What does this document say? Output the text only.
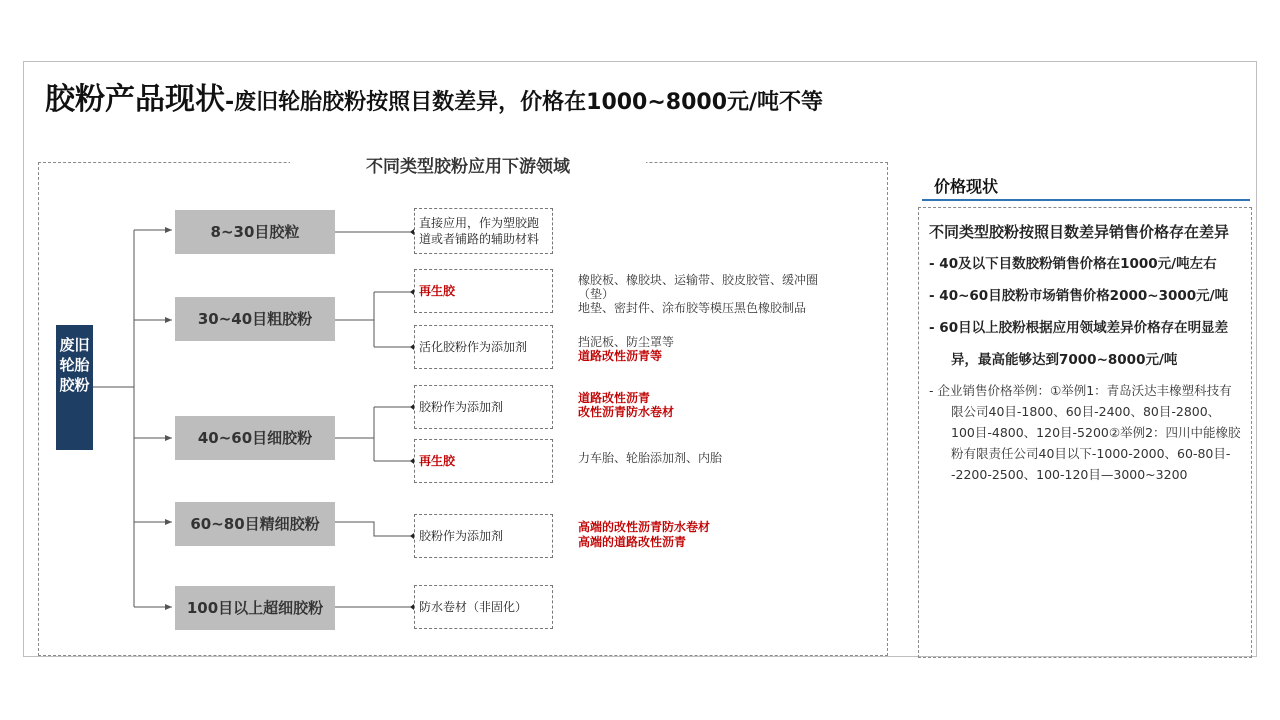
胶粉产品现状-废旧轮胎胶粉按照目数差异，价格在1000~8000元/吨不等
不同类型胶粉应用下游领域
废旧轮胎胶粉
8~30目胶粒
30~40目粗胶粉
40~60目细胶粉
60~80目精细胶粉
100目以上超细胶粉
直接应用，作为塑胶跑道或者铺路的辅助材料
再生胶
活化胶粉作为添加剂
胶粉作为添加剂
再生胶
胶粉作为添加剂
防水卷材（非固化）
橡胶板、橡胶块、运输带、胶皮胶管、缓冲圈（垫）
地垫、密封件、涂布胶等模压黑色橡胶制品
挡泥板、防尘罩等
道路改性沥青等
道路改性沥青
改性沥青防水卷材
力车胎、轮胎添加剂、内胎
高端的改性沥青防水卷材
高端的道路改性沥青
价格现状
不同类型胶粉按照目数差异销售价格存在差异
- 40及以下目数胶粉销售价格在1000元/吨左右
- 40~60目胶粉市场销售价格2000~3000元/吨
- 60目以上胶粉根据应用领域差异价格存在明显差异，最高能够达到7000~8000元/吨
- 企业销售价格举例：①举例1：青岛沃达丰橡塑科技有限公司40目-1800、60目-2400、80目-2800、100目-4800、120目-5200②举例2：四川中能橡胶粉有限责任公司40目以下-1000-2000、60-80目--2200-2500、100-120目—3000~3200
